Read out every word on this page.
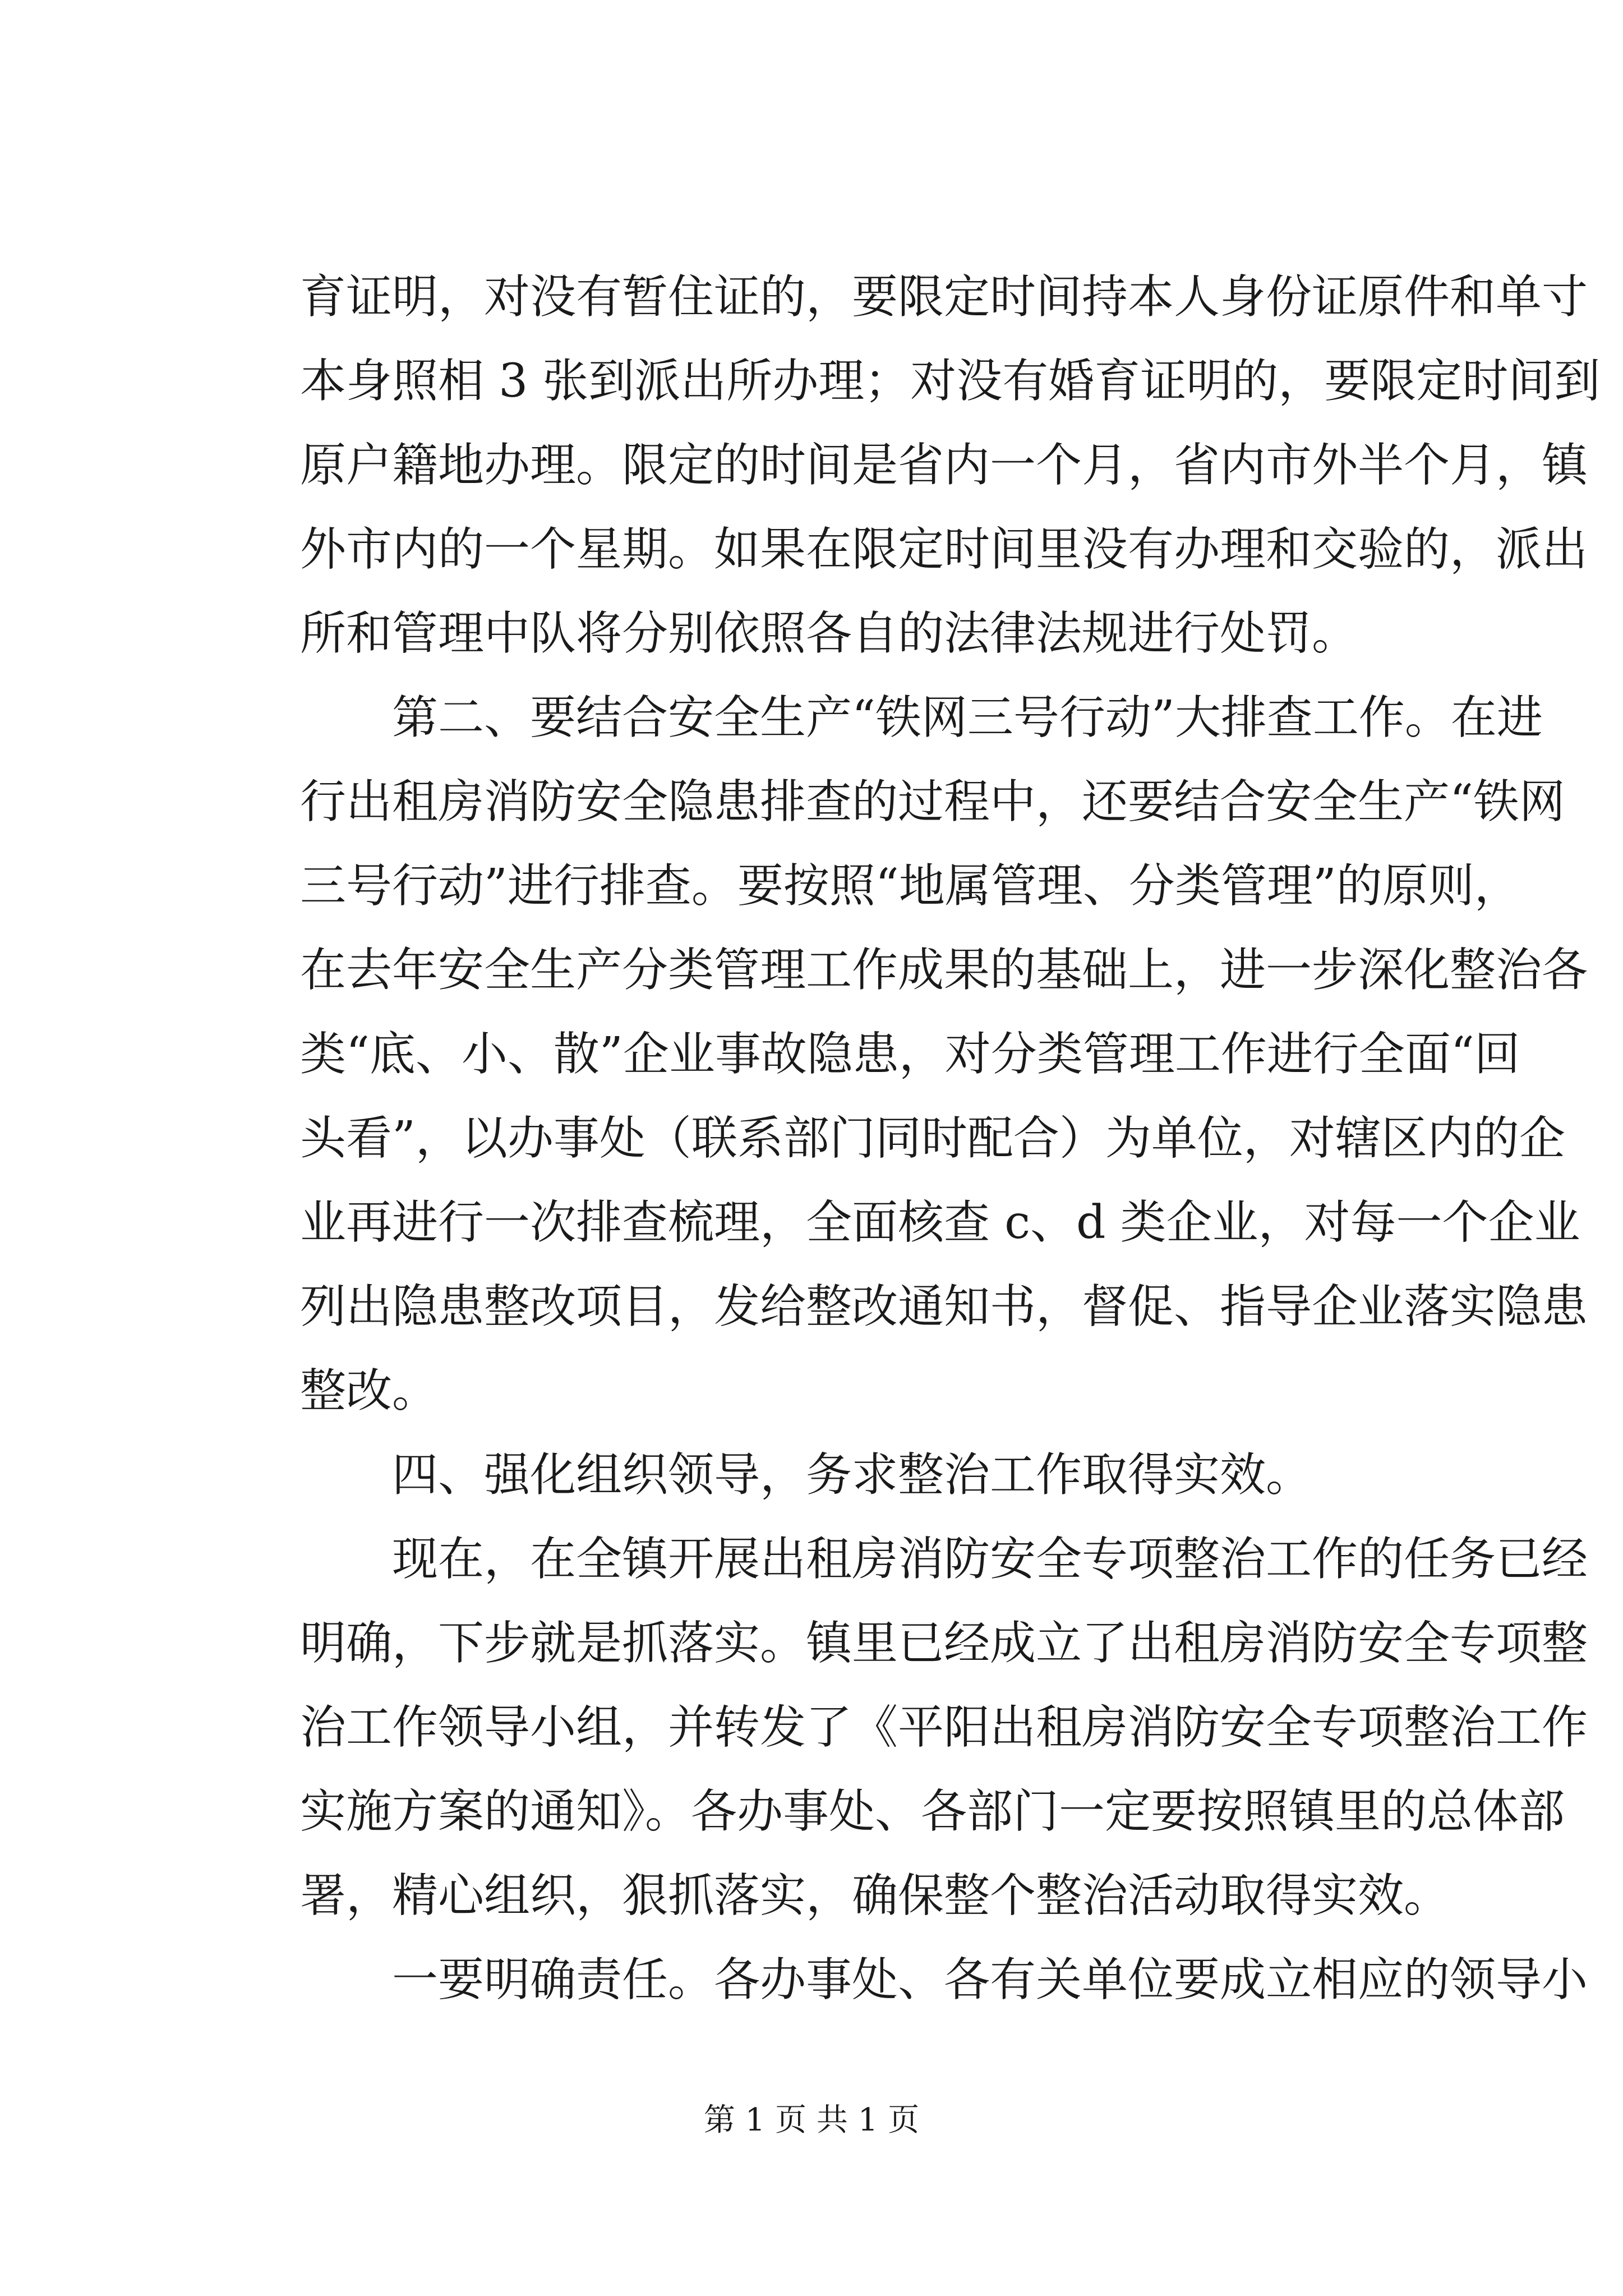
育证明，对没有暂住证的，要限定时间持本人身份证原件和单寸
本身照相 3 张到派出所办理；对没有婚育证明的，要限定时间到
原户籍地办理。限定的时间是省内一个月，省内市外半个月，镇
外市内的一个星期。如果在限定时间里没有办理和交验的，派出
所和管理中队将分别依照各自的法律法规进行处罚。
第二、要结合安全生产“铁网三号行动”大排查工作。在进
行出租房消防安全隐患排查的过程中，还要结合安全生产“铁网
三号行动”进行排查。要按照“地属管理、分类管理”的原则，
在去年安全生产分类管理工作成果的基础上，进一步深化整治各
类“底、小、散”企业事故隐患，对分类管理工作进行全面“回
头看”，以办事处（联系部门同时配合）为单位，对辖区内的企
业再进行一次排查梳理，全面核查 c、d 类企业，对每一个企业
列出隐患整改项目，发给整改通知书，督促、指导企业落实隐患
整改。
四、强化组织领导，务求整治工作取得实效。
现在，在全镇开展出租房消防安全专项整治工作的任务已经
明确，下步就是抓落实。镇里已经成立了出租房消防安全专项整
治工作领导小组，并转发了《平阳出租房消防安全专项整治工作
实施方案的通知》。各办事处、各部门一定要按照镇里的总体部
署，精心组织，狠抓落实，确保整个整治活动取得实效。
一要明确责任。各办事处、各有关单位要成立相应的领导小
第 1 页 共 1 页
